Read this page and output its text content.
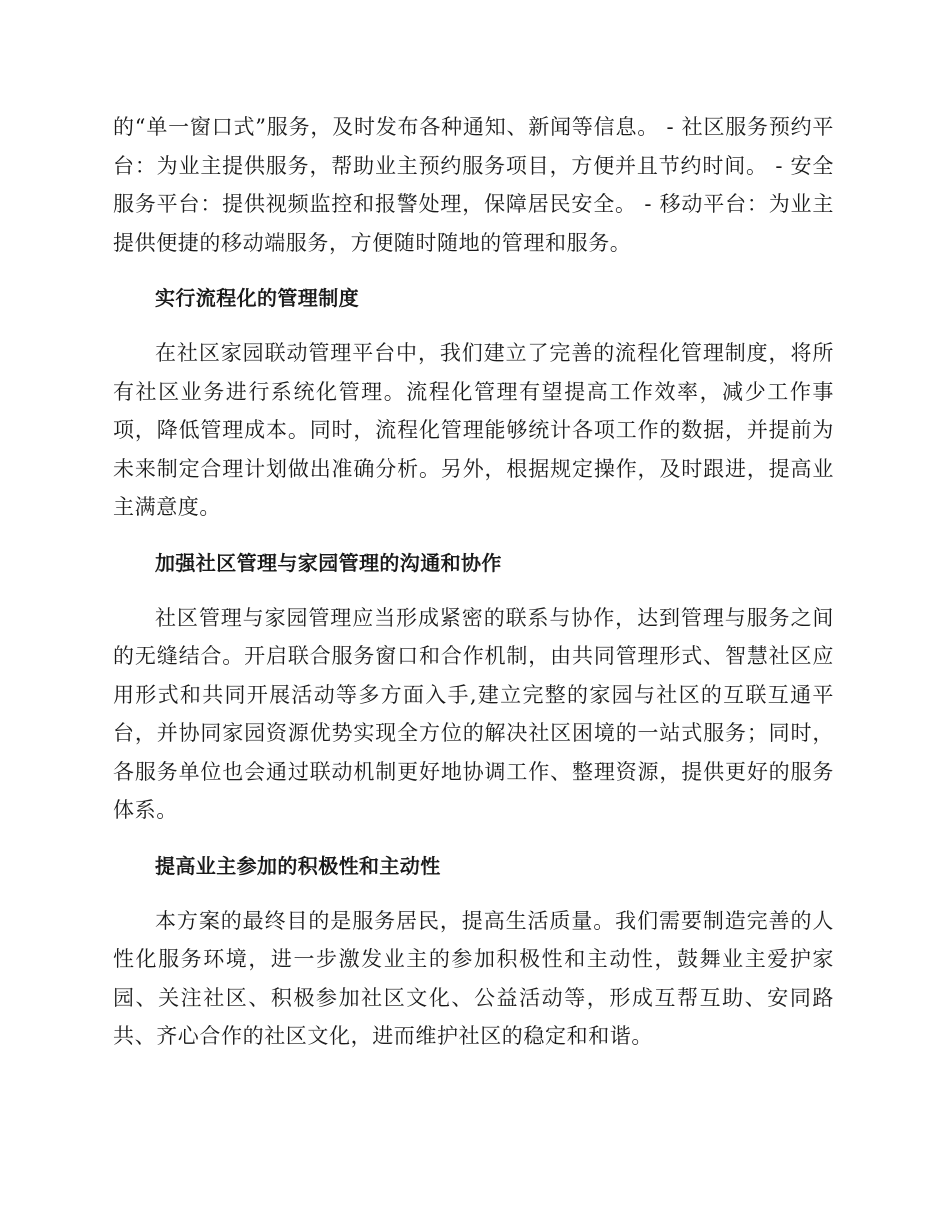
的“单一窗口式”服务，及时发布各种通知、新闻等信息。 - 社区服务预约平台：为业主提供服务，帮助业主预约服务项目，方便并且节约时间。 - 安全服务平台：提供视频监控和报警处理，保障居民安全。 - 移动平台：为业主提供便捷的移动端服务，方便随时随地的管理和服务。

实行流程化的管理制度

在社区家园联动管理平台中，我们建立了完善的流程化管理制度，将所有社区业务进行系统化管理。流程化管理有望提高工作效率，减少工作事项，降低管理成本。同时，流程化管理能够统计各项工作的数据，并提前为未来制定合理计划做出准确分析。另外，根据规定操作，及时跟进，提高业主满意度。

加强社区管理与家园管理的沟通和协作

社区管理与家园管理应当形成紧密的联系与协作，达到管理与服务之间的无缝结合。开启联合服务窗口和合作机制，由共同管理形式、智慧社区应用形式和共同开展活动等多方面入手,建立完整的家园与社区的互联互通平台，并协同家园资源优势实现全方位的解决社区困境的一站式服务；同时，各服务单位也会通过联动机制更好地协调工作、整理资源，提供更好的服务体系。

提高业主参加的积极性和主动性

本方案的最终目的是服务居民，提高生活质量。我们需要制造完善的人性化服务环境，进一步激发业主的参加积极性和主动性，鼓舞业主爱护家园、关注社区、积极参加社区文化、公益活动等，形成互帮互助、安同路共、齐心合作的社区文化，进而维护社区的稳定和和谐。
